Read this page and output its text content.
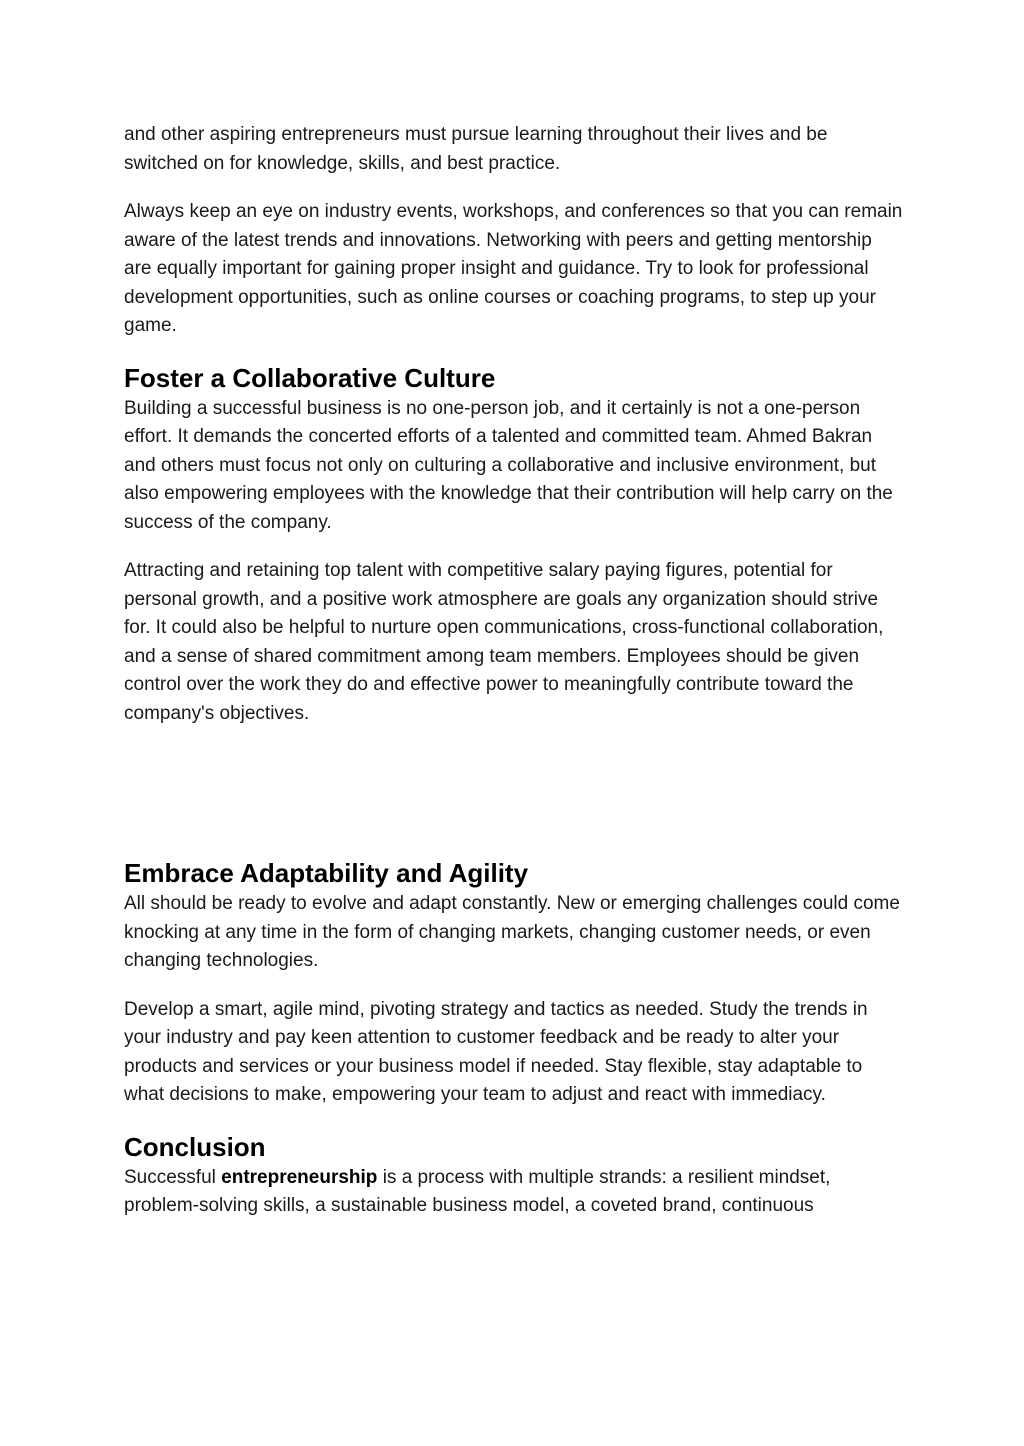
and other aspiring entrepreneurs must pursue learning throughout their lives and be switched on for knowledge, skills, and best practice.

Always keep an eye on industry events, workshops, and conferences so that you can remain aware of the latest trends and innovations. Networking with peers and getting mentorship are equally important for gaining proper insight and guidance. Try to look for professional development opportunities, such as online courses or coaching programs, to step up your game.

Foster a Collaborative Culture

Building a successful business is no one-person job, and it certainly is not a one-person effort. It demands the concerted efforts of a talented and committed team. Ahmed Bakran and others must focus not only on culturing a collaborative and inclusive environment, but also empowering employees with the knowledge that their contribution will help carry on the success of the company.

Attracting and retaining top talent with competitive salary paying figures, potential for personal growth, and a positive work atmosphere are goals any organization should strive for. It could also be helpful to nurture open communications, cross-functional collaboration, and a sense of shared commitment among team members. Employees should be given control over the work they do and effective power to meaningfully contribute toward the company's objectives.

Embrace Adaptability and Agility

All should be ready to evolve and adapt constantly. New or emerging challenges could come knocking at any time in the form of changing markets, changing customer needs, or even changing technologies.

Develop a smart, agile mind, pivoting strategy and tactics as needed. Study the trends in your industry and pay keen attention to customer feedback and be ready to alter your products and services or your business model if needed. Stay flexible, stay adaptable to what decisions to make, empowering your team to adjust and react with immediacy.

Conclusion

Successful entrepreneurship is a process with multiple strands: a resilient mindset, problem-solving skills, a sustainable business model, a coveted brand, continuous
